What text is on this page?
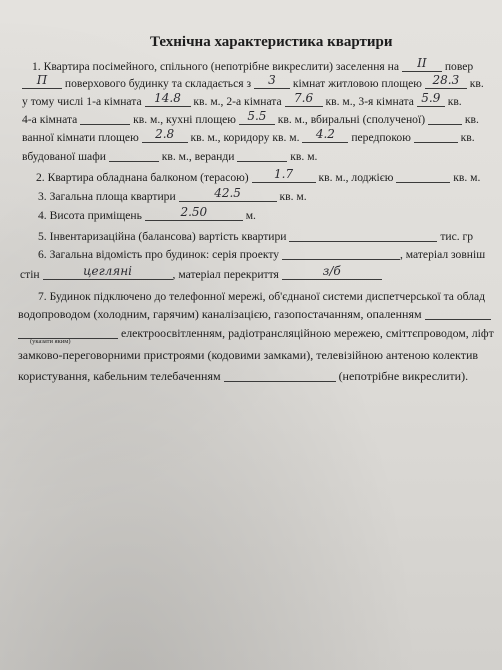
Технічна характеристика квартири
1. Квартира посімейного, спільного (непотрібне викреслити) заселення на	ІІ	повер
П	поверхового будинку та складається з	3	кімнат житловою площею 28.3 кв.
у тому числі 1-а кімната	14.8	кв. м., 2-а кімната	7.6	кв. м., 3-я кімната 5.9 кв.
4-а кімната	кв. м., кухні площею 5.5 кв. м., вбиральні (сполученої)	кв.
ванної кімнати площею	2.8	кв. м., коридору кв. м.	4.2	передпокою	кв.
вбудованої шафи	кв. м., веранди	кв. м.
2. Квартира обладнана балконом (терасою)	1.7	кв. м., лоджією	кв. м.
3. Загальна площа квартири	42.5	кв. м.
4. Висота приміщень	2.50	м.
5. Інвентаризаційна (балансова) вартість квартири	тис. гр
6. Загальна відомість про будинок: серія проекту	, матеріал зовніш
стін	цегляні	, матеріал перекриття	з/б
7. Будинок підключено до телефонної мережі, об'єднаної системи диспетчерської та облад
водопроводом (холодним, гарячим) каналізацією, газопостачанням, опаленням
електроосвітленням, радіотрансляційною мережею, сміттєпроводом, ліфт
(указати яким)
замково-переговорними пристроями (кодовими замками), телевізійною антеною колектив
користування, кабельним телебаченням	(непотрібне викреслити).
